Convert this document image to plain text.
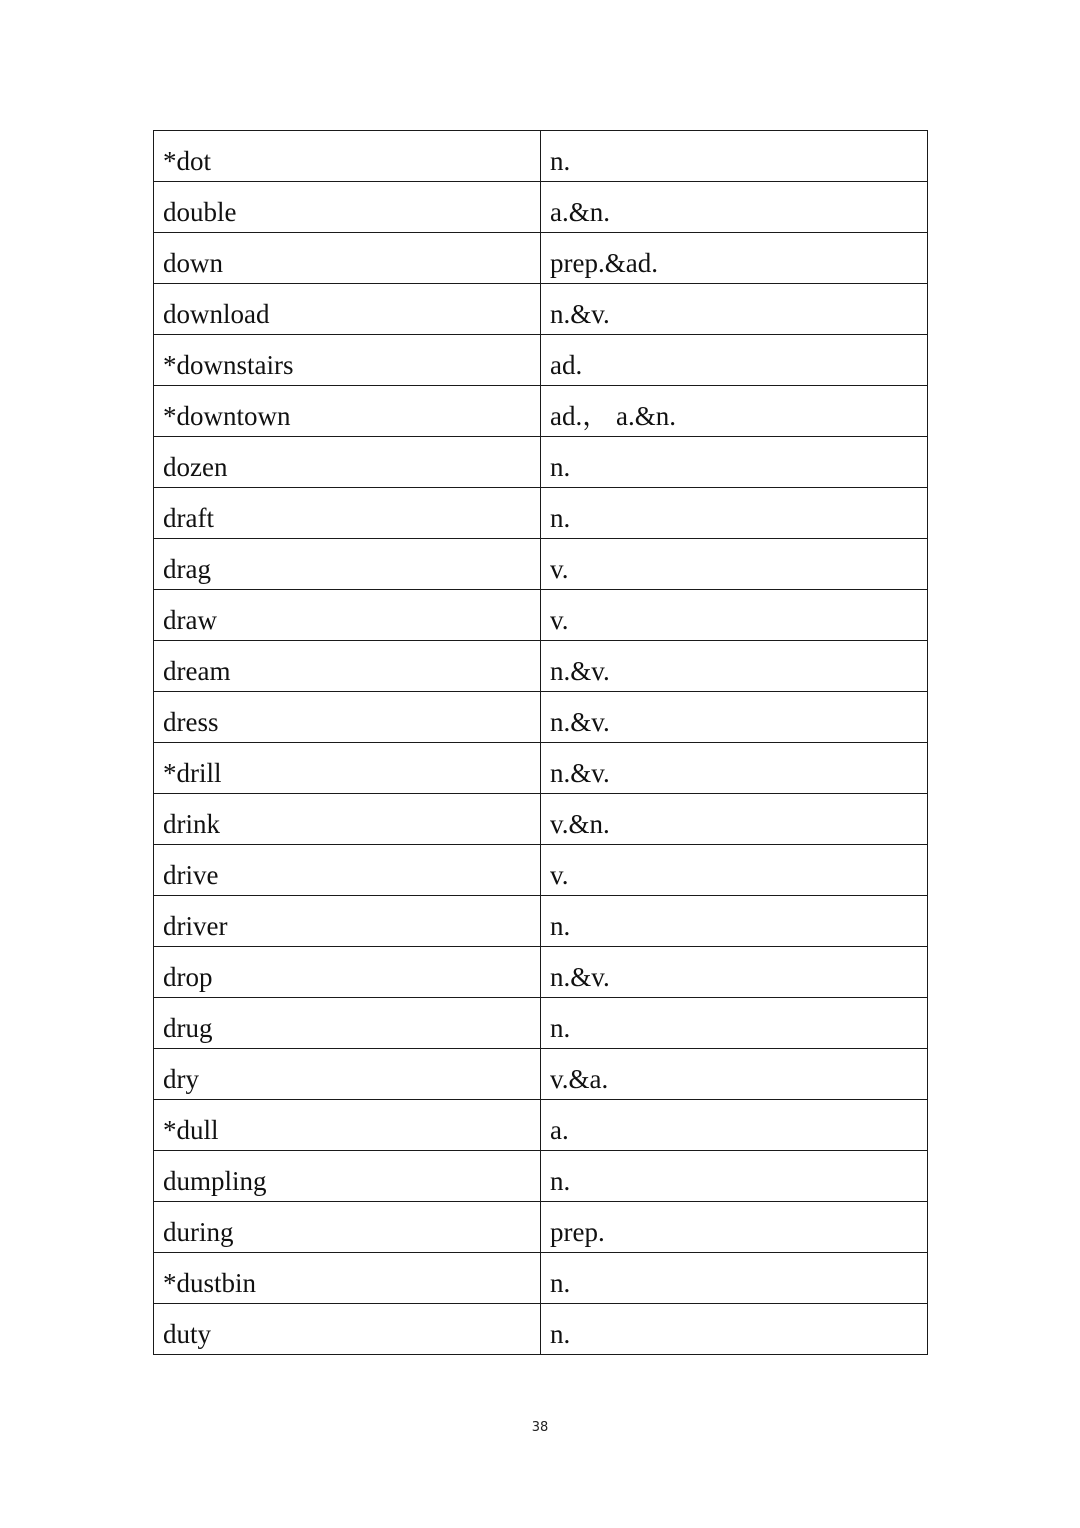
*dot	n.
double	a.&n.
down	prep.&ad.
download	n.&v.
*downstairs	ad.
*downtown	ad.， a.&n.
dozen	n.
draft	n.
drag	v.
draw	v.
dream	n.&v.
dress	n.&v.
*drill	n.&v.
drink	v.&n.
drive	v.
driver	n.
drop	n.&v.
drug	n.
dry	v.&a.
*dull	a.
dumpling	n.
during	prep.
*dustbin	n.
duty	n.
38
